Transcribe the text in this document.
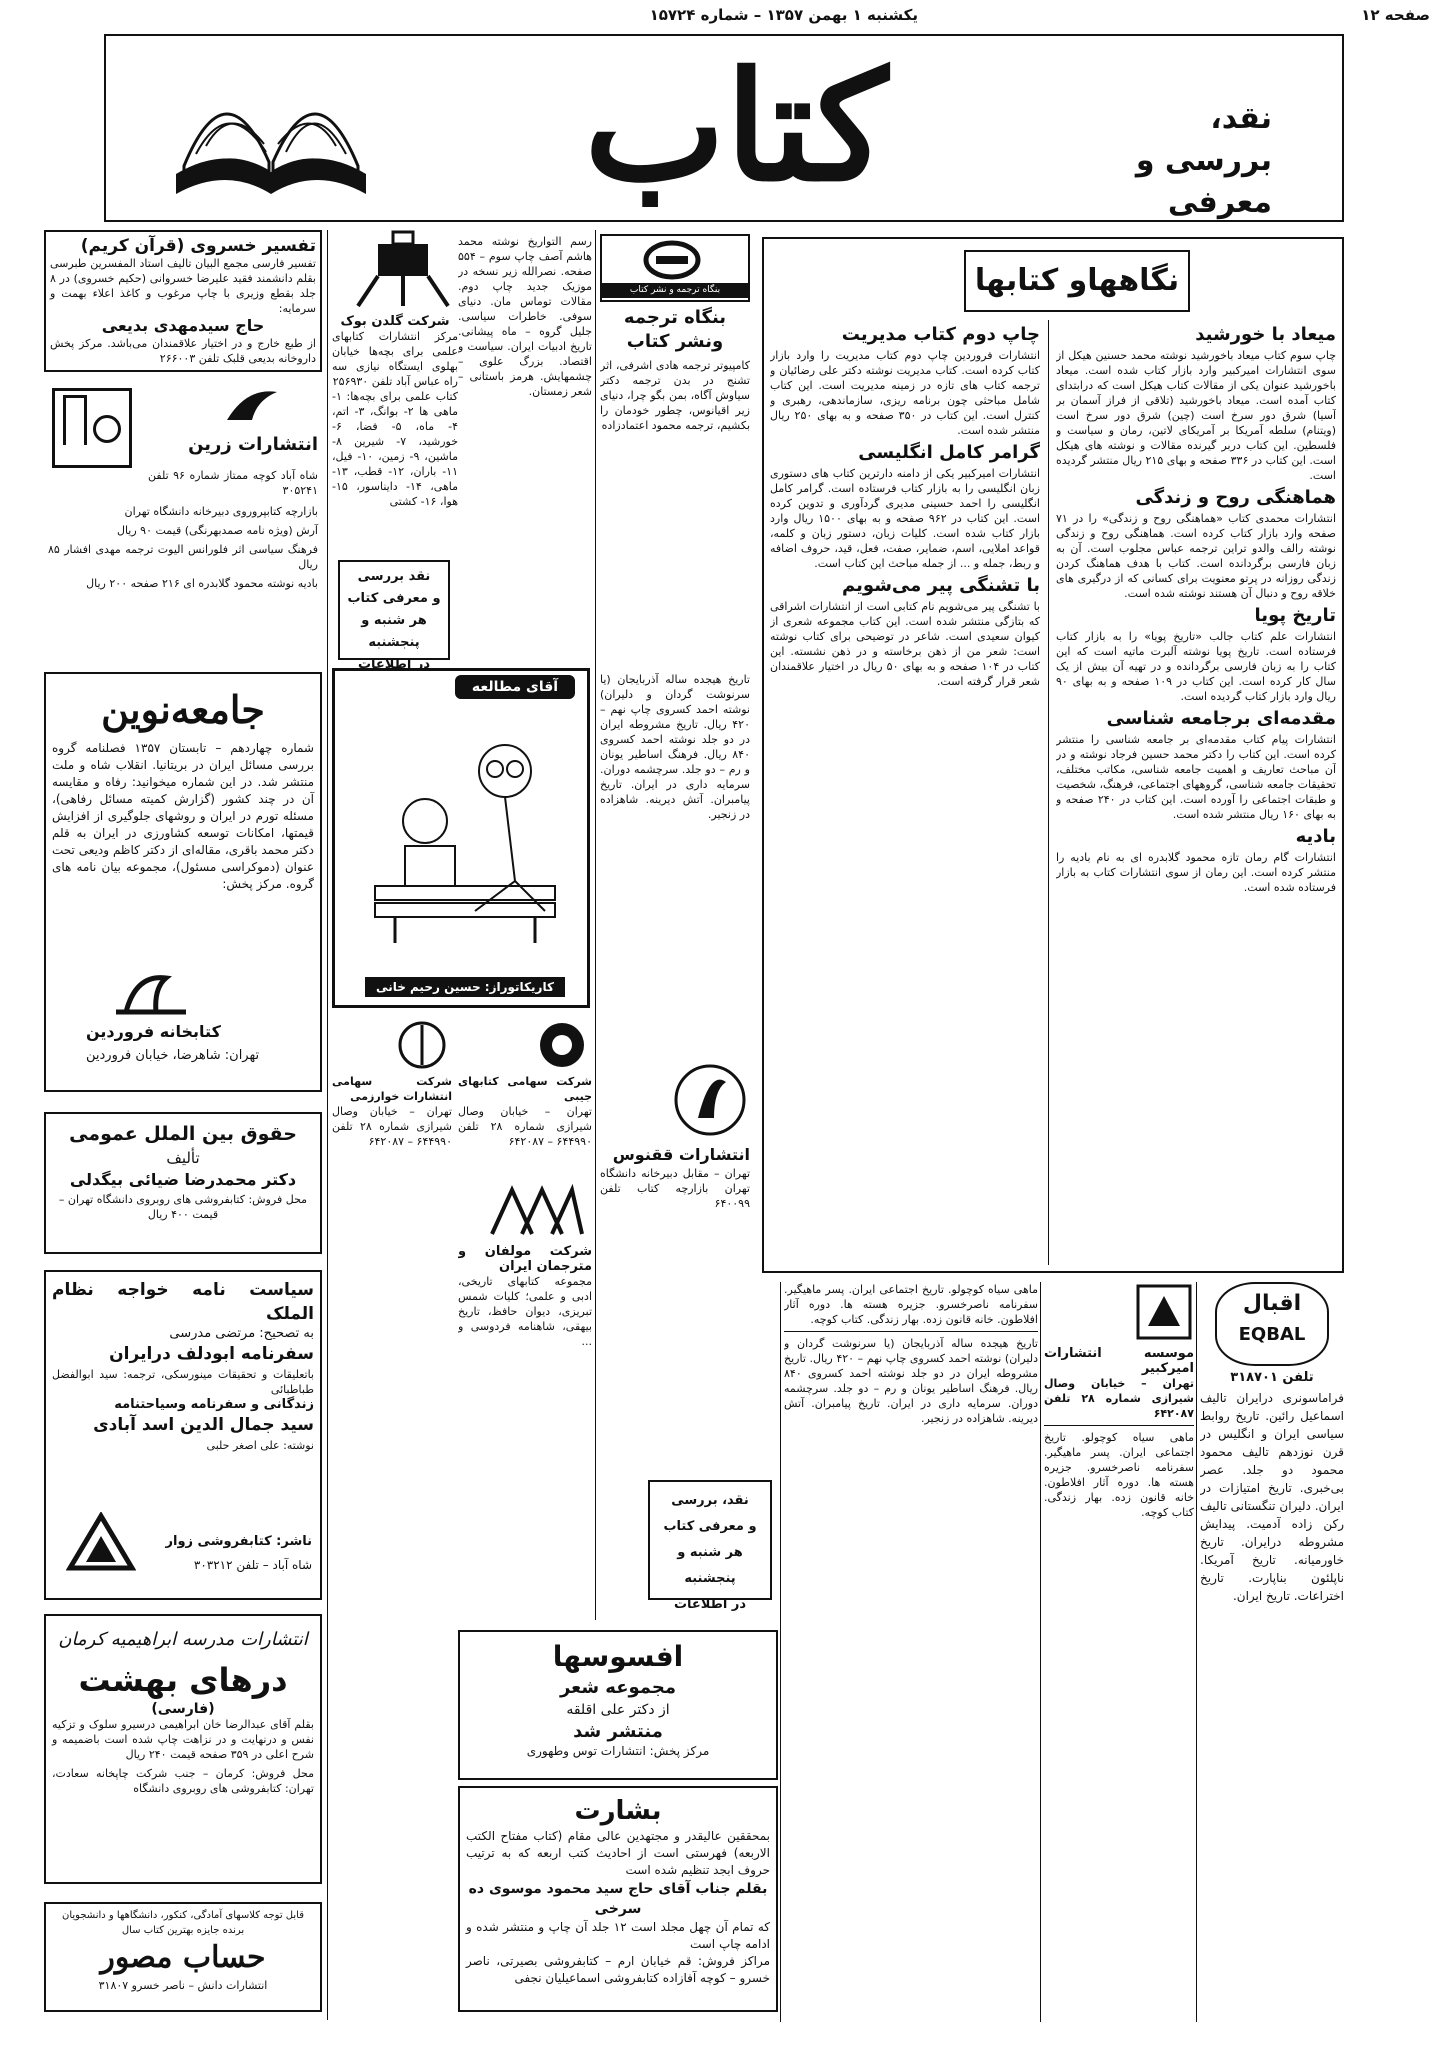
صفحه ۱۲
یکشنبه ۱ بهمن ۱۳۵۷ – شماره ۱۵۷۲۴
کتاب	نقد، بررسی و معرفی
نگاههاو کتابها
میعاد با خورشید
چاپ سوم کتاب میعاد باخورشید نوشته محمد حسنین هیکل از سوی انتشارات امیرکبیر وارد بازار کتاب شده است. میعاد باخورشید عنوان یکی از مقالات کتاب هیکل است که درابتدای کتاب آمده است. میعاد باخورشید (تلاقی از فراز آسمان بر آسیا) شرق دور سرخ است (چین) شرق دور سرخ است (ویتنام) سلطه آمریکا بر آمریکای لاتین، رمان و سیاست و فلسطین. این کتاب دربر گیرنده مقالات و نوشته های هیکل است. این کتاب در ۳۳۶ صفحه و بهای ۲۱۵ ریال منتشر گردیده است.
هماهنگی روح و زندگی
انتشارات محمدی کتاب «هماهنگی روح و زندگی» را در ۷۱ صفحه وارد بازار کتاب کرده است. هماهنگی روح و زندگی نوشته رالف والدو تراین ترجمه عباس مجلوب است. آن به زبان فارسی برگردانده است. کتاب با هدف هماهنگ کردن زندگی روزانه در پرتو معنویت برای کسانی که از درگیری های خلاقه روح و دنبال آن هستند نوشته شده است.
تاریخ پویا
انتشارات علم کتاب جالب «تاریخ پویا» را به بازار کتاب فرستاده است. تاریخ پویا نوشته آلبرت ماتیه است که این کتاب را به زبان فارسی برگردانده و در تهیه آن بیش از یک سال کار کرده است. این کتاب در ۱۰۹ صفحه و به بهای ۹۰ ریال وارد بازار کتاب گردیده است.
مقدمه‌ای برجامعه شناسی
انتشارات پیام کتاب مقدمه‌ای بر جامعه شناسی را منتشر کرده است. این کتاب را دکتر محمد حسین فرجاد نوشته و در آن مباحث تعاریف و اهمیت جامعه شناسی، مکاتب مختلف، تحقیقات جامعه شناسی، گروههای اجتماعی، فرهنگ، شخصیت و طبقات اجتماعی را آورده است. این کتاب در ۲۴۰ صفحه و به بهای ۱۶۰ ریال منتشر شده است.
بادیه
انتشارات گام رمان تازه محمود گلابدره ای به نام بادیه را منتشر کرده است. این رمان از سوی انتشارات کتاب به بازار فرستاده شده است.
چاپ دوم کتاب مدیریت
انتشارات فروردین چاپ دوم کتاب مدیریت را وارد بازار کتاب کرده است. کتاب مدیریت نوشته دکتر علی رضائیان و ترجمه کتاب های تازه در زمینه مدیریت است. این کتاب شامل مباحثی چون برنامه ریزی، سازماندهی، رهبری و کنترل است. این کتاب در ۳۵۰ صفحه و به بهای ۲۵۰ ریال منتشر شده است.
گرامر کامل انگلیسی
انتشارات امیرکبیر یکی از دامنه دارترین کتاب های دستوری زبان انگلیسی را به بازار کتاب فرستاده است. گرامر کامل انگلیسی را احمد حسینی مدیری گردآوری و تدوین کرده است. این کتاب در ۹۶۲ صفحه و به بهای ۱۵۰۰ ریال وارد بازار کتاب شده است. کلیات زبان، دستور زبان و کلمه، قواعد املایی، اسم، ضمایر، صفت، فعل، قید، حروف اضافه و ربط، جمله و ... از جمله مباحث این کتاب است.
با تشنگی پیر می‌شویم
با تشنگی پیر می‌شویم نام کتابی است از انتشارات اشراقی که بتازگی منتشر شده است. این کتاب مجموعه شعری از کیوان سعیدی است. شاعر در توضیحی برای کتاب نوشته است: شعر من از ذهن برخاسته و در ذهن نشسته. این کتاب در ۱۰۴ صفحه و به بهای ۵۰ ریال در اختیار علاقمندان شعر قرار گرفته است.
تفسیر خسروی (قرآن کریم)
تفسیر فارسی مجمع البیان تالیف استاد المفسرین طبرسی بقلم دانشمند فقید علیرضا خسروانی (حکیم خسروی) در ۸ جلد بقطع وزیری با چاپ مرغوب و کاغذ اعلاء بهمت و سرمایه:
حاج سیدمهدی بدیعی
از طبع خارج و در اختیار علاقمندان می‌باشد. مرکز پخش داروخانه بدیعی قلبک تلفن ۲۶۶۰۰۳
انتشارات زرین
شاه آباد کوچه ممتاز شماره ۹۶ تلفن ۳۰۵۲۴۱
بازارچه کتابپروروی دبیرخانه دانشگاه تهران
آرش (ویژه نامه صمدبهرنگی) قیمت ۹۰ ریال
فرهنگ سیاسی اثر فلورانس الیوت ترجمه مهدی افشار ۸۵ ریال
بادیه نوشته محمود گلابدره ای ۲۱۶ صفحه ۲۰۰ ریال
جامعه‌نوین
شماره چهاردهم – تابستان ۱۳۵۷ فصلنامه گروه بررسی مسائل ایران در بریتانیا. انقلاب شاه و ملت منتشر شد. در این شماره میخوانید: رفاه و مقایسه آن در چند کشور (گزارش کمیته مسائل رفاهی)، مسئله تورم در ایران و روشهای جلوگیری از افزایش قیمتها، امکانات توسعه کشاورزی در ایران به قلم دکتر محمد باقری، مقاله‌ای از دکتر کاظم ودیعی تحت عنوان (دموکراسی مسئول)، مجموعه بیان نامه های گروه. مرکز پخش:
کتابخانه فروردین
تهران: شاهرضا، خیابان فروردین
حقوق بین الملل عمومی
تألیف
دکتر محمدرضا ضیائی بیگدلی
محل فروش: کتابفروشی های روبروی دانشگاه تهران – قیمت ۴۰۰ ریال
سیاست نامه خواجه نظام الملک
به تصحیح: مرتضی مدرسی
سفرنامه ابودلف درایران
باتعلیقات و تحقیقات مینورسکی، ترجمه: سید ابوالفضل طباطبائی
زندگانی و سفرنامه وسیاحتنامه
سید جمال الدین اسد آبادی
نوشته: علی اصغر حلبی
ناشر: کتابفروشی زوار
شاه آباد – تلفن ۳۰۳۲۱۲
انتشارات مدرسه ابراهیمیه کرمان
درهای بهشت
(فارسی)
بقلم آقای عبدالرضا خان ابراهیمی درسیرو سلوک و تزکیه نفس و درنهایت و در نزاهت چاپ شده است باضمیمه و شرح اعلی در ۳۵۹ صفحه قیمت ۲۴۰ ریال
محل فروش: کرمان – جنب شرکت چاپخانه سعادت، تهران: کتابفروشی های روبروی دانشگاه
قابل توجه کلاسهای آمادگی، کنکور، دانشگاهها و دانشجویان
برنده جایزه بهترین کتاب سال
حساب مصور
انتشارات دانش – ناصر خسرو ۳۱۸۰۷
شرکت گلدن بوک
مرکز انتشارات کتابهای علمی برای بچه‌ها خیابان بهلوی ایستگاه نیازی سه راه عباس آباد تلفن ۲۵۶۹۳۰
کتاب علمی برای بچه‌ها: ۱- ماهی ها ۲- بوانگ، ۳- اتم، ۴- ماه، ۵- فضا، ۶- خورشید، ۷- شیرین ۸- ماشین، ۹- زمین، ۱۰- فیل، ۱۱- باران، ۱۲- قطب، ۱۳- ماهی، ۱۴- دایناسور، ۱۵- هوا، ۱۶- کشتی
نقد بررسی
و معرفی کتاب
هر شنبه و پنجشنبه
در اطلاعات
رسم التواریخ نوشته محمد هاشم آصف چاپ سوم – ۵۵۴ صفحه. نصرالله زیر نسخه در موزیک جدید چاپ دوم. مقالات توماس مان. دنیای سوفی. خاطرات سیاسی. جلیل گروه – ماه پیشانی. تاریخ ادبیات ایران. سیاست و اقتصاد. بزرگ علوی – چشمهایش. هرمز باستانی – شعر زمستان.
بنگاه ترجمه و نشر کتاب
بنگاه ترجمه ونشر کتاب
کامپیوتر ترجمه هادی اشرفی، اثر تشنج در بدن ترجمه دکتر سیاوش آگاه، بمن بگو چرا، دنیای زیر اقیانوس، چطور خودمان را بکشیم، ترجمه محمود اعتمادزاده
تاریخ هیجده ساله آذربایجان (یا سرنوشت گردان و دلیران) نوشته احمد کسروی چاپ نهم – ۴۲۰ ریال. تاریخ مشروطه ایران در دو جلد نوشته احمد کسروی ۸۴۰ ریال. فرهنگ اساطیر یونان و رم – دو جلد. سرچشمه دوران. سرمایه داری در ایران. تاریخ پیامبران. آتش دیرینه. شاهزاده در زنجیر.
آقای مطالعه
کاریکاتوراز: حسین رحیم خانی
شرکت سهامی انتشارات خوارزمی
تهران – خیابان وصال شیرازی شماره ۲۸ تلفن ۶۴۴۹۹۰ – ۶۴۲۰۸۷
شرکت سهامی کتابهای جیبی
تهران – خیابان وصال شیرازی شماره ۲۸ تلفن ۶۴۴۹۹۰ – ۶۴۲۰۸۷
انتشارات ققنوس
تهران – مقابل دبیرخانه دانشگاه تهران بازارچه کتاب تلفن ۶۴۰۰۹۹
شرکت مولفان و مترجمان ایران
مجموعه کتابهای تاریخی، ادبی و علمی؛ کلیات شمس تبریزی، دیوان حافظ، تاریخ بیهقی، شاهنامه فردوسی و ...
افسوسها
مجموعه شعر
از دکتر علی اقلقه
منتشر شد
مرکز پخش: انتشارات توس وطهوری
بشارت
بمحققین عالیقدر و مجتهدین عالی مقام (کتاب مفتاح الکتب الاربعه) فهرستی است از احادیث کتب اربعه که به ترتیب حروف ابجد تنظیم شده است
بقلم جناب آقای حاج سید محمود موسوی ده سرخی
که تمام آن چهل مجلد است ۱۲ جلد آن چاپ و منتشر شده و ادامه چاپ است
مراکز فروش: قم خیابان ارم – کتابفروشی بصیرتی، ناصر خسرو – کوچه آفازاده کتابفروشی اسماعیلیان نجفی
نقد، بررسی
و معرفی کتاب
هر شنبه و پنجشنبه
در اطلاعات
موسسه انتشارات امیرکبیر
تهران – خیابان وصال شیرازی شماره ۲۸ تلفن ۶۴۲۰۸۷
ماهی سیاه کوچولو. تاریخ اجتماعی ایران. پسر ماهیگیر. سفرنامه ناصرخسرو. جزیره هسته ها. دوره آثار افلاطون. خانه قانون زده. بهار زندگی. کتاب کوچه.
اقبال
EQBAL
تلفن ۳۱۸۷۰۱
فراماسونری درایران تالیف اسماعیل رائین. تاریخ روابط سیاسی ایران و انگلیس در قرن نوزدهم تالیف محمود محمود دو جلد. عصر بی‌خبری. تاریخ امتیازات در ایران. دلیران تنگستانی تالیف رکن زاده آدمیت. پیدایش ‌مشروطه‌ درایران. تاریخ خاورمیانه. تاریخ آمریکا. ناپلئون بناپارت. تاریخ اختراعات. تاریخ ایران.
ماهی سیاه کوچولو. تاریخ اجتماعی ایران. پسر ماهیگیر. سفرنامه ناصرخسرو. جزیره هسته ها. دوره آثار افلاطون. خانه قانون زده. بهار زندگی. کتاب کوچه.
تاریخ هیجده ساله آذربایجان (یا سرنوشت گردان و دلیران) نوشته احمد کسروی چاپ نهم – ۴۲۰ ریال. تاریخ مشروطه ایران در دو جلد نوشته احمد کسروی ۸۴۰ ریال. فرهنگ اساطیر یونان و رم – دو جلد. سرچشمه دوران. سرمایه داری در ایران. تاریخ پیامبران. آتش دیرینه. شاهزاده در زنجیر.
